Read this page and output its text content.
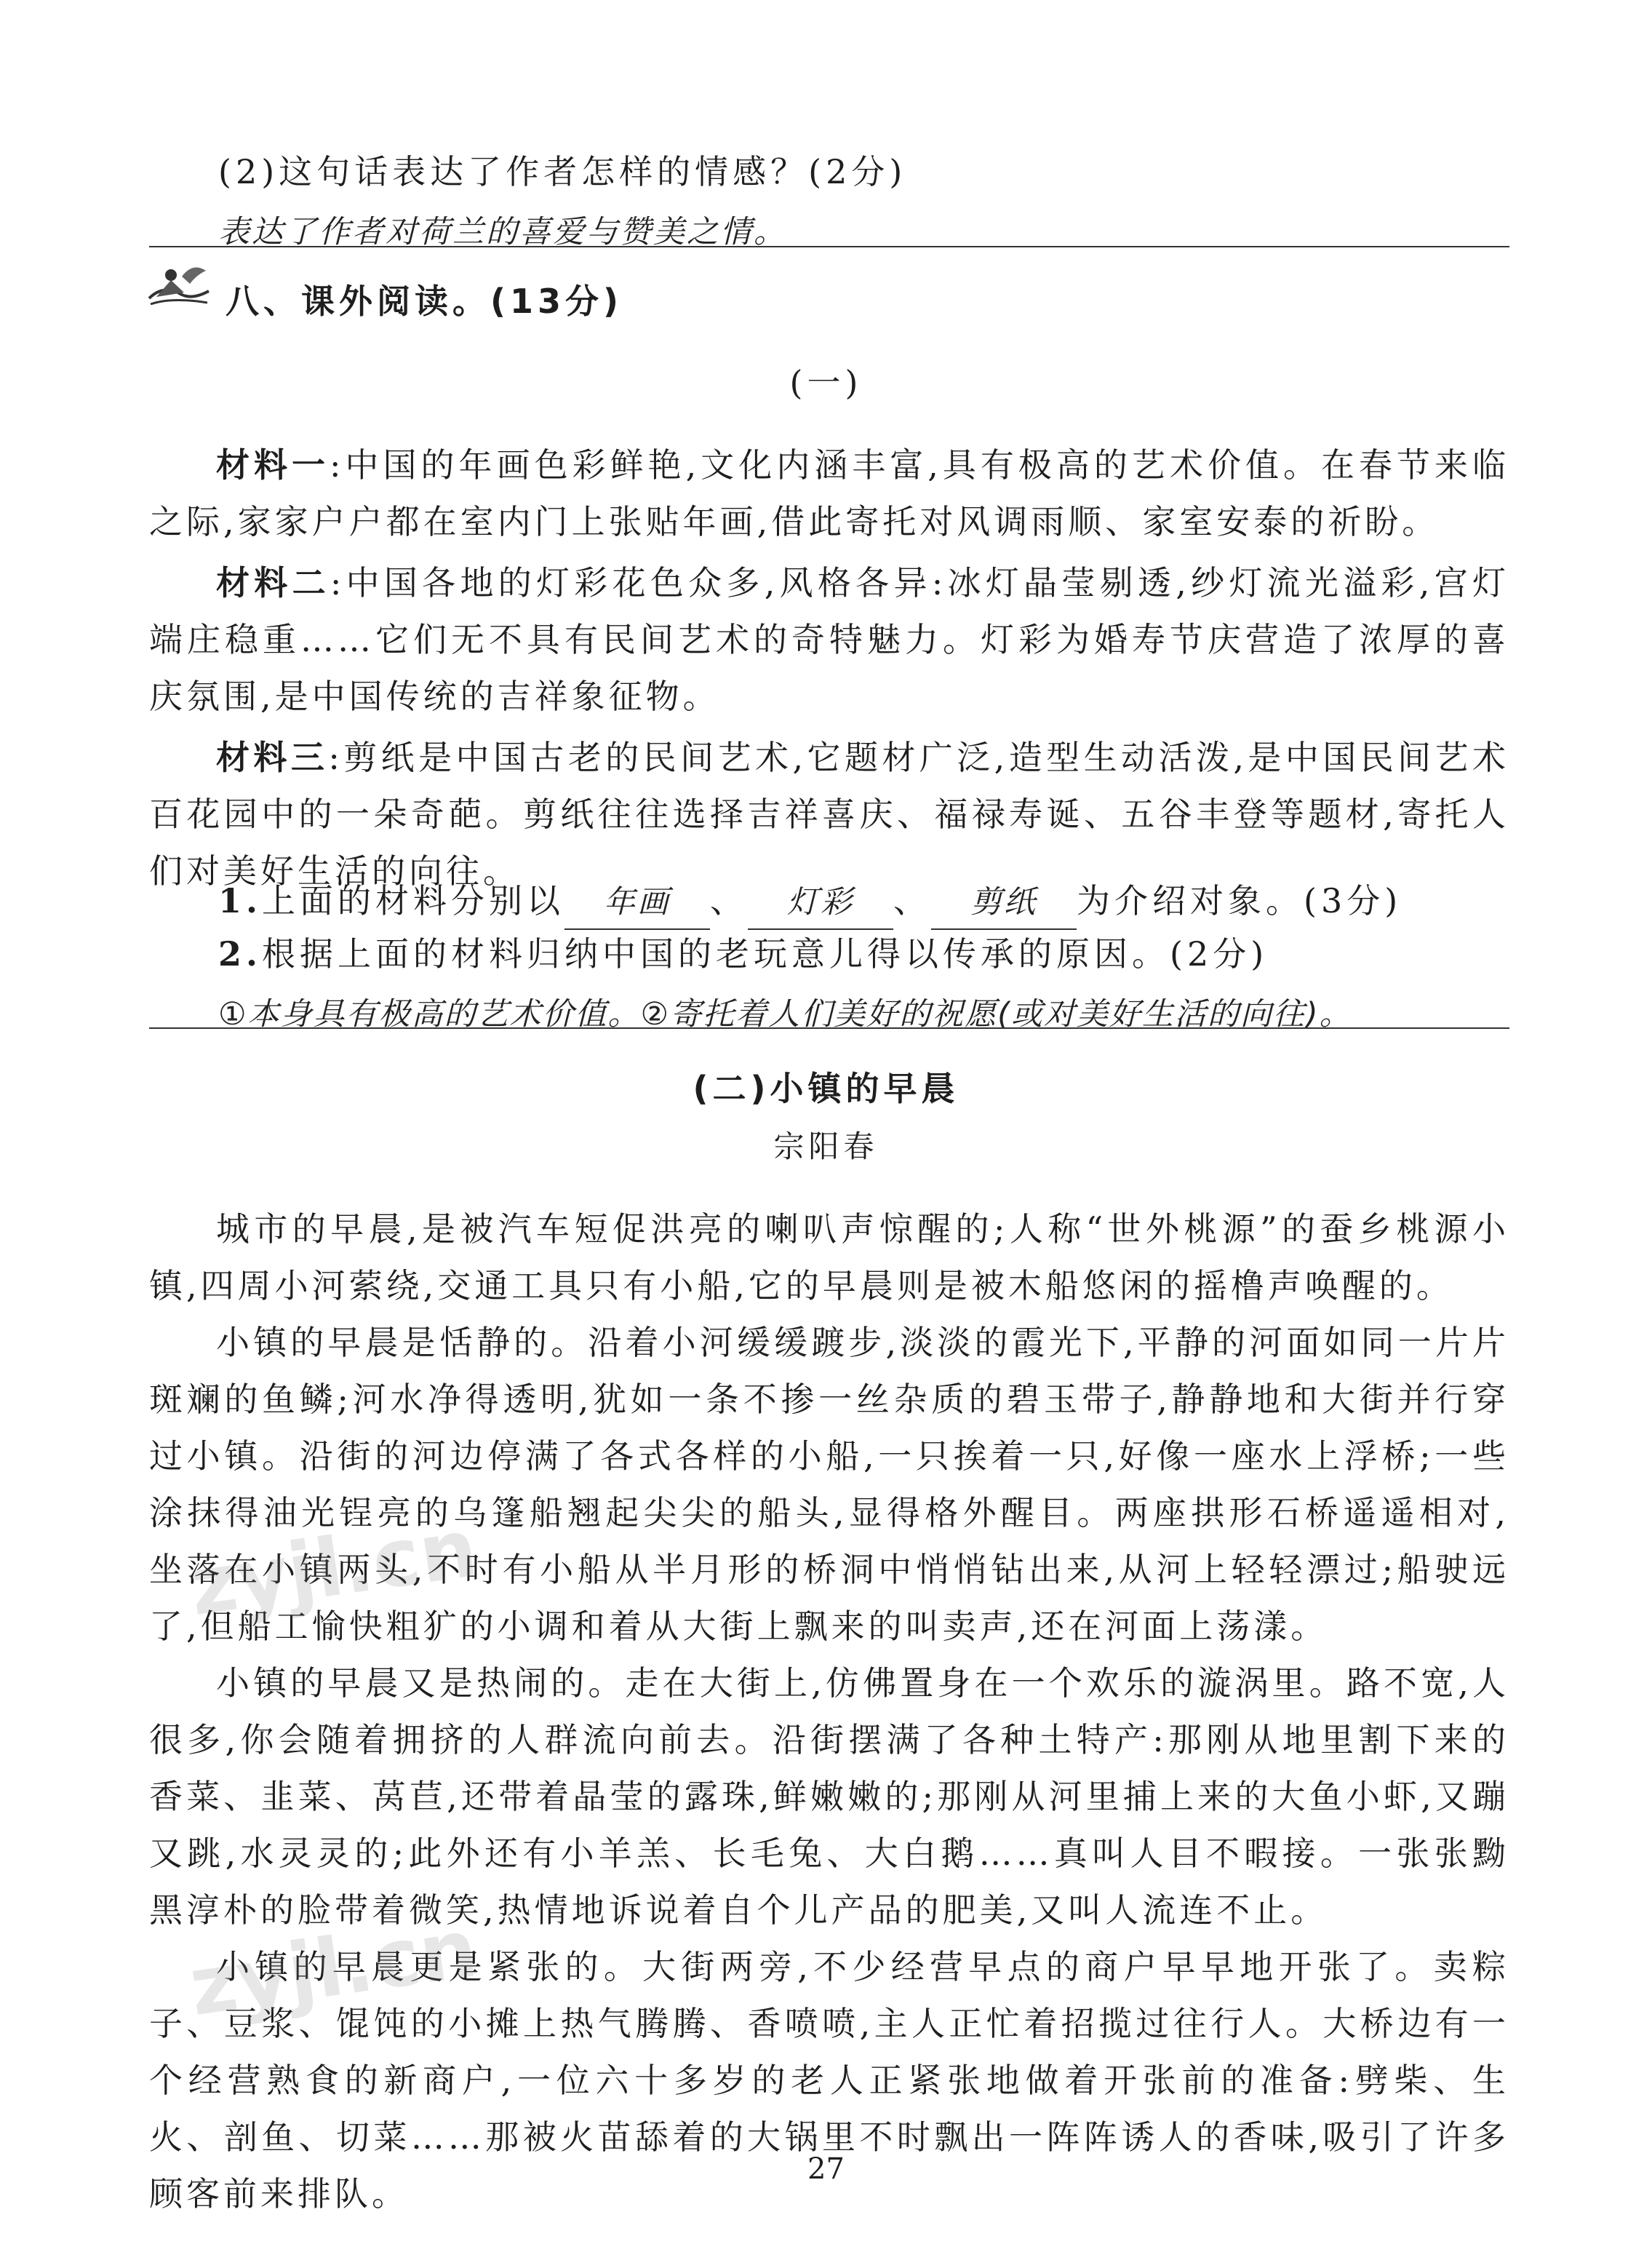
(2)这句话表达了作者怎样的情感？(2分)
表达了作者对荷兰的喜爱与赞美之情。
八、课外阅读。(13分)
(一)

材料一:中国的年画色彩鲜艳,文化内涵丰富,具有极高的艺术价值。在春节来临之际,家家户户都在室内门上张贴年画,借此寄托对风调雨顺、家室安泰的祈盼。

材料二:中国各地的灯彩花色众多,风格各异:冰灯晶莹剔透,纱灯流光溢彩,宫灯端庄稳重……它们无不具有民间艺术的奇特魅力。灯彩为婚寿节庆营造了浓厚的喜庆氛围,是中国传统的吉祥象征物。

材料三:剪纸是中国古老的民间艺术,它题材广泛,造型生动活泼,是中国民间艺术百花园中的一朵奇葩。剪纸往往选择吉祥喜庆、福禄寿诞、五谷丰登等题材,寄托人们对美好生活的向往。

1.上面的材料分别以 年画 、 灯彩 、 剪纸 为介绍对象。(3分)
2.根据上面的材料归纳中国的老玩意儿得以传承的原因。(2分)
①本身具有极高的艺术价值。②寄托着人们美好的祝愿(或对美好生活的向往)。
(二)小镇的早晨
宗阳春

城市的早晨,是被汽车短促洪亮的喇叭声惊醒的;人称“世外桃源”的蚕乡桃源小镇,四周小河萦绕,交通工具只有小船,它的早晨则是被木船悠闲的摇橹声唤醒的。

小镇的早晨是恬静的。沿着小河缓缓踱步,淡淡的霞光下,平静的河面如同一片片斑斓的鱼鳞;河水净得透明,犹如一条不掺一丝杂质的碧玉带子,静静地和大街并行穿过小镇。沿街的河边停满了各式各样的小船,一只挨着一只,好像一座水上浮桥;一些涂抹得油光锃亮的乌篷船翘起尖尖的船头,显得格外醒目。两座拱形石桥遥遥相对,坐落在小镇两头,不时有小船从半月形的桥洞中悄悄钻出来,从河上轻轻漂过;船驶远了,但船工愉快粗犷的小调和着从大街上飘来的叫卖声,还在河面上荡漾。

小镇的早晨又是热闹的。走在大街上,仿佛置身在一个欢乐的漩涡里。路不宽,人很多,你会随着拥挤的人群流向前去。沿街摆满了各种土特产:那刚从地里割下来的香菜、韭菜、莴苣,还带着晶莹的露珠,鲜嫩嫩的;那刚从河里捕上来的大鱼小虾,又蹦又跳,水灵灵的;此外还有小羊羔、长毛兔、大白鹅……真叫人目不暇接。一张张黝黑淳朴的脸带着微笑,热情地诉说着自个儿产品的肥美,又叫人流连不止。

小镇的早晨更是紧张的。大街两旁,不少经营早点的商户早早地开张了。卖粽子、豆浆、馄饨的小摊上热气腾腾、香喷喷,主人正忙着招揽过往行人。大桥边有一个经营熟食的新商户,一位六十多岁的老人正紧张地做着开张前的准备:劈柴、生火、剖鱼、切菜……那被火苗舔着的大锅里不时飘出一阵阵诱人的香味,吸引了许多顾客前来排队。

zyjl.cn
zyjl.cn
27
